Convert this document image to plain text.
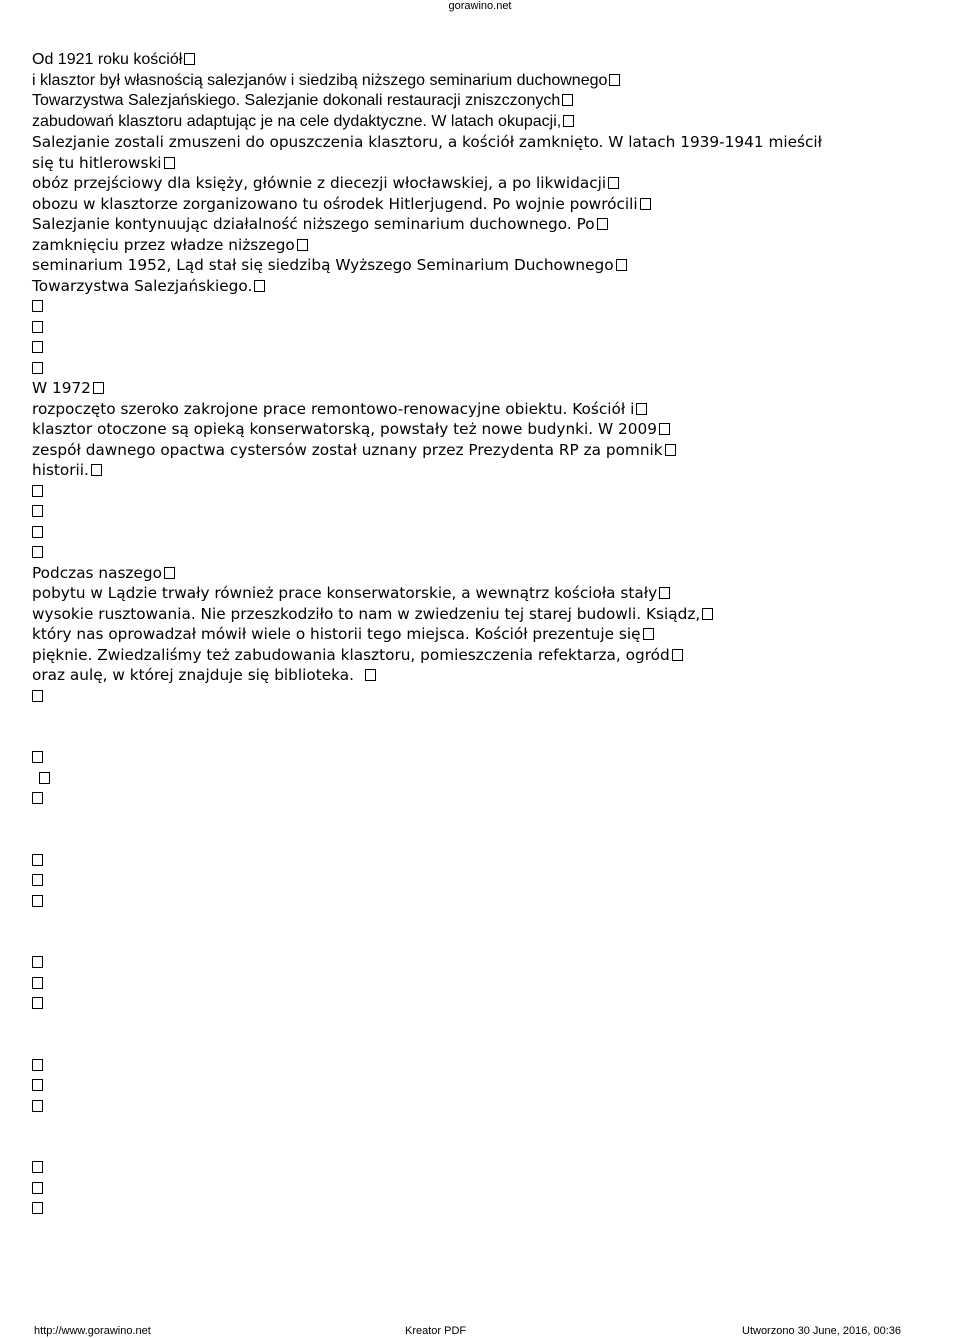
gorawino.net
Od 1921 roku kościół
i klasztor był własnością salezjanów i siedzibą niższego seminarium duchownego
Towarzystwa Salezjańskiego. Salezjanie dokonali restauracji zniszczonych
zabudowań klasztoru adaptując je na cele dydaktyczne. W latach okupacji,
Salezjanie zostali zmuszeni do opuszczenia klasztoru, a kościół zamknięto. W latach 1939-1941 mieścił
się tu hitlerowski
obóz przejściowy dla księży, głównie z diecezji włocławskiej, a po likwidacji
obozu w klasztorze zorganizowano tu ośrodek Hitlerjugend. Po wojnie powrócili
Salezjanie kontynuując działalność niższego seminarium duchownego. Po
zamknięciu przez władze niższego
seminarium 1952, Ląd stał się siedzibą Wyższego Seminarium Duchownego
Towarzystwa Salezjańskiego.
W 1972
rozpoczęto szeroko zakrojone prace remontowo-renowacyjne obiektu. Kościół i
klasztor otoczone są opieką konserwatorską, powstały też nowe budynki. W 2009
zespół dawnego opactwa cystersów został uznany przez Prezydenta RP za pomnik
historii.
Podczas naszego
pobytu w Lądzie trwały również prace konserwatorskie, a wewnątrz kościoła stały
wysokie rusztowania. Nie przeszkodziło to nam w zwiedzeniu tej starej budowli. Ksiądz,
który nas oprowadzał mówił wiele o historii tego miejsca. Kościół prezentuje się
pięknie. Zwiedzaliśmy też zabudowania klasztoru, pomieszczenia refektarza, ogród
oraz aulę, w której znajduje się biblioteka.
http://www.gorawino.net	Kreator PDF	Utworzono 30 June, 2016, 00:36
